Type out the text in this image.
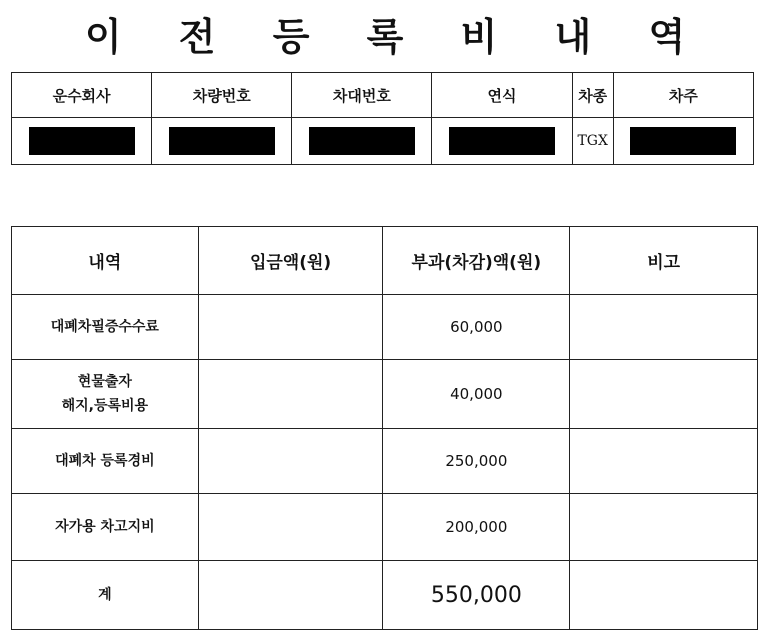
이 전 등 록 비 내 역
운수회사	차량번호	차대번호	연식	차종	차주
				TGX	
내역	입금액(원)	부과(차감)액(원)	비고
대폐차필증수수료		60,000	

현물출자
해지,등록비용		40,000	
대폐차 등록경비		250,000	
자가용 차고지비		200,000	
계		550,000	
